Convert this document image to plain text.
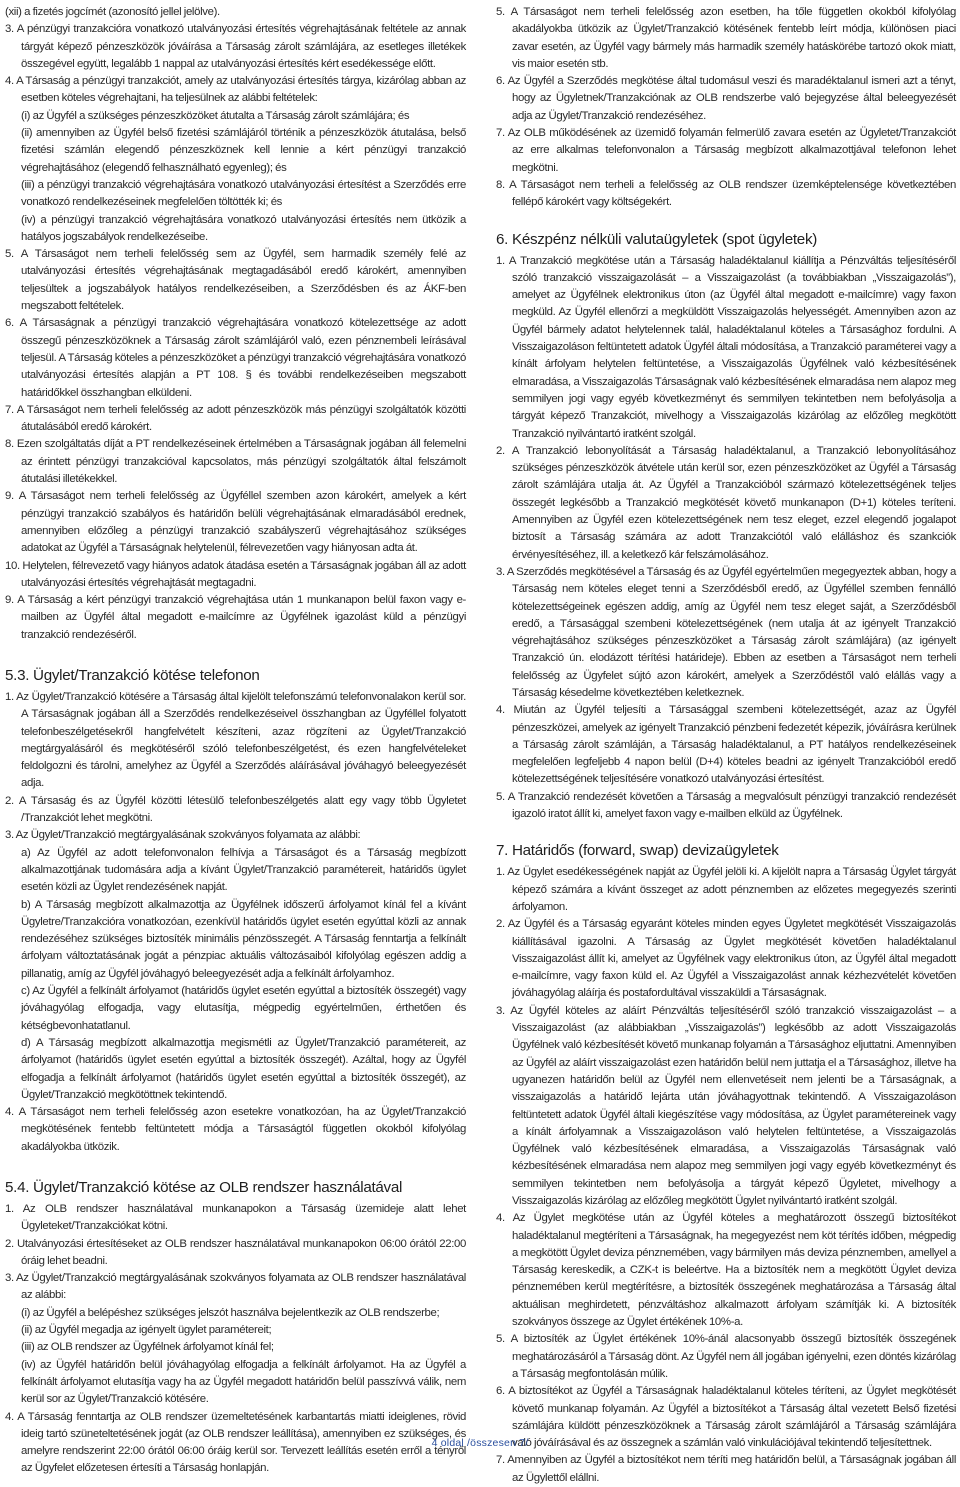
(xii) a fizetés jogcímét (azonosító jellel jelölve).

3. A pénzügyi tranzakcióra vonatkozó utalványozási értesítés végrehajtásának feltétele az annak tárgyát képező pénzeszközök jóváírása a Társaság zárolt számlájára, az esetleges illetékek összegével együtt, legalább 1 nappal az utalványozási értesítés kért esedékessége előtt.

4. A Társaság a pénzügyi tranzakciót, amely az utalványozási értesítés tárgya, kizárólag abban az esetben köteles végrehajtani, ha teljesülnek az alábbi feltételek:

(i) az Ügyfél a szükséges pénzeszközöket átutalta a Társaság zárolt számlájára; és

(ii) amennyiben az Ügyfél belső fizetési számlájáról történik a pénzeszközök átutalása, belső fizetési számlán elegendő pénzeszköznek kell lennie a kért pénzügyi tranzakció végrehajtásához (elegendő felhasználható egyenleg); és

(iii) a pénzügyi tranzakció végrehajtására vonatkozó utalványozási értesítést a Szerződés erre vonatkozó rendelkezéseinek megfelelően töltötték ki; és

(iv) a pénzügyi tranzakció végrehajtására vonatkozó utalványozási értesítés nem ütközik a hatályos jogszabályok rendelkezéseibe.

5. A Társaságot nem terheli felelősség sem az Ügyfél, sem harmadik személy felé az utalványozási értesítés végrehajtásának megtagadásából eredő károkért, amennyiben teljesültek a jogszabályok hatályos rendelkezéseiben, a Szerződésben és az ÁKF-ben megszabott feltételek.

6. A Társaságnak a pénzügyi tranzakció végrehajtására vonatkozó kötelezettsége az adott összegű pénzeszközöknek a Társaság zárolt számlájáról való, ezen pénznembeli leírásával teljesül. A Társaság köteles a pénzeszközöket a pénzügyi tranzakció végrehajtására vonatkozó utalványozási értesítés alapján a PT 108. § és további rendelkezéseiben megszabott határidőkkel összhangban elküldeni.

7. A Társaságot nem terheli felelősség az adott pénzeszközök más pénzügyi szolgáltatók közötti átutalásából eredő károkért.

8. Ezen szolgáltatás díját a PT rendelkezéseinek értelmében a Társaságnak jogában áll felemelni az érintett pénzügyi tranzakcióval kapcsolatos, más pénzügyi szolgáltatók által felszámolt átutalási illetékekkel.

9. A Társaságot nem terheli felelősség az Ügyféllel szemben azon károkért, amelyek a kért pénzügyi tranzakció szabályos és határidőn belüli végrehajtásának elmaradásából erednek, amennyiben előzőleg a pénzügyi tranzakció szabályszerű végrehajtásához szükséges adatokat az Ügyfél a Társaságnak helytelenül, félrevezetően vagy hiányosan adta át.

10. Helytelen, félrevezető vagy hiányos adatok átadása esetén a Társaságnak jogában áll az adott utalványozási értesítés végrehajtását megtagadni.

9. A Társaság a kért pénzügyi tranzakció végrehajtása után 1 munkanapon belül faxon vagy e-mailben az Ügyfél által megadott e-mailcímre az Ügyfélnek igazolást küld a pénzügyi tranzakció rendezéséről.

5.3. Ügylet/Tranzakció kötése telefonon

1. Az Ügylet/Tranzakció kötésére a Társaság által kijelölt telefonszámú telefonvonalakon kerül sor. A Társaságnak jogában áll a Szerződés rendelkezéseivel összhangban az Ügyféllel folyatott telefonbeszélgetésekről hangfelvételt készíteni, azaz rögzíteni az Ügylet/Tranzakció megtárgyalásáról és megkötéséről szóló telefonbeszélgetést, és ezen hangfelvételeket feldolgozni és tárolni, amelyhez az Ügyfél a Szerződés aláírásával jóváhagyó beleegyezését adja.

2. A Társaság és az Ügyfél közötti létesülő telefonbeszélgetés alatt egy vagy több Ügyletet /Tranzakciót lehet megkötni.

3. Az Ügylet/Tranzakció megtárgyalásának szokványos folyamata az alábbi:

a) Az Ügyfél az adott telefonvonalon felhívja a Társaságot és a Társaság megbízott alkalmazottjának tudomására adja a kívánt Ügylet/Tranzakció paramétereit, határidős ügylet esetén közli az Ügylet rendezésének napját.

b) A Társaság megbízott alkalmazottja az Ügyfélnek időszerű árfolyamot kínál fel a kívánt Ügyletre/Tranzakcióra vonatkozóan, ezenkívül határidős ügylet esetén egyúttal közli az annak rendezéséhez szükséges biztosíték minimális pénzösszegét. A Társaság fenntartja a felkínált árfolyam változtatásának jogát a pénzpiac aktuális változásaiból kifolyólag egészen addig a pillanatig, amíg az Ügyfél jóváhagyó beleegyezését adja a felkínált árfolyamhoz.

c) Az Ügyfél a felkínált árfolyamot (határidős ügylet esetén egyúttal a biztosíték összegét) vagy jóváhagyólag elfogadja, vagy elutasítja, mégpedig egyértelműen, érthetően és kétségbevonhatatlanul.

d) A Társaság megbízott alkalmazottja megismétli az Ügylet/Tranzakció paramétereit, az árfolyamot (határidős ügylet esetén egyúttal a biztosíték összegét). Azáltal, hogy az Ügyfél elfogadja a felkínált árfolyamot (határidős ügylet esetén egyúttal a biztosíték összegét), az Ügylet/Tranzakció megkötöttnek tekintendő.

4. A Társaságot nem terheli felelősség azon esetekre vonatkozóan, ha az Ügylet/Tranzakció megkötésének fentebb feltüntetett módja a Társaságtól független okokból kifolyólag akadályokba ütközik.

5.4. Ügylet/Tranzakció kötése az OLB rendszer használatával

1. Az OLB rendszer használatával munkanapokon a Társaság üzemideje alatt lehet Ügyleteket/Tranzakciókat kötni.

2. Utalványozási értesítéseket az OLB rendszer használatával munkanapokon 06:00 órától 22:00 óráig lehet beadni.

3. Az Ügylet/Tranzakció megtárgyalásának szokványos folyamata az OLB rendszer használatával az alábbi:

(i) az Ügyfél a belépéshez szükséges jelszót használva bejelentkezik az OLB rendszerbe;

(ii) az Ügyfél megadja az igényelt ügylet paramétereit;

(iii) az OLB rendszer az Ügyfélnek árfolyamot kínál fel;

(iv) az Ügyfél határidőn belül jóváhagyólag elfogadja a felkínált árfolyamot. Ha az Ügyfél a felkínált árfolyamot elutasítja vagy ha az Ügyfél megadott határidőn belül passzívvá válik, nem kerül sor az Ügylet/Tranzakció kötésére.

4. A Társaság fenntartja az OLB rendszer üzemeltetésének karbantartás miatti ideiglenes, rövid ideig tartó szüneteltetésének jogát (az OLB rendszer leállítása), amennyiben ez szükséges, és amelyre rendszerint 22:00 órától 06:00 óráig kerül sor. Tervezett leállítás esetén erről a tényről az Ügyfelet előzetesen értesíti a Társaság honlapján.

5. A Társaságot nem terheli felelősség azon esetben, ha tőle független okokból kifolyólag akadályokba ütközik az Ügylet/Tranzakció kötésének fentebb leírt módja, különösen piaci zavar esetén, az Ügyfél vagy bármely más harmadik személy hatáskörébe tartozó okok miatt, vis maior esetén stb.

6. Az Ügyfél a Szerződés megkötése által tudomásul veszi és maradéktalanul ismeri azt a tényt, hogy az Ügyletnek/Tranzakciónak az OLB rendszerbe való bejegyzése által beleegyezését adja az Ügylet/Tranzakció rendezéséhez.

7. Az OLB működésének az üzemidő folyamán felmerülő zavara esetén az Ügyletet/Tranzakciót az erre alkalmas telefonvonalon a Társaság megbízott alkalmazottjával telefonon lehet megkötni.

8. A Társaságot nem terheli a felelősség az OLB rendszer üzemképtelensége következtében fellépő károkért vagy költségekért.

6. Készpénz nélküli valutaügyletek (spot ügyletek)

1. A Tranzakció megkötése után a Társaság haladéktalanul kiállítja a Pénzváltás teljesítéséről szóló tranzakció visszaigazolását – a Visszaigazolást (a továbbiakban „Visszaigazolás”), amelyet az Ügyfélnek elektronikus úton (az Ügyfél által megadott e-mailcímre) vagy faxon megküld. Az Ügyfél ellenőrzi a megküldött Visszaigazolás helyességét. Amennyiben azon az Ügyfél bármely adatot helytelennek talál, haladéktalanul köteles a Társasághoz fordulni. A Visszaigazoláson feltüntetett adatok Ügyfél általi módosítása, a Tranzakció paraméterei vagy a kínált árfolyam helytelen feltüntetése, a Visszaigazolás Ügyfélnek való kézbesítésének elmaradása, a Visszaigazolás Társaságnak való kézbesítésének elmaradása nem alapoz meg semmilyen jogi vagy egyéb következményt és semmilyen tekintetben nem befolyásolja a tárgyát képező Tranzakciót, mivelhogy a Visszaigazolás kizárólag az előzőleg megkötött Tranzakció nyilvántartó iratként szolgál.

2. A Tranzakció lebonyolítását a Társaság haladéktalanul, a Tranzakció lebonyolításához szükséges pénzeszközök átvétele után kerül sor, ezen pénzeszközöket az Ügyfél a Társaság zárolt számlájára utalja át. Az Ügyfél a Tranzakcióból származó kötelezettségének teljes összegét legkésőbb a Tranzakció megkötését követő munkanapon (D+1) köteles teríteni. Amennyiben az Ügyfél ezen kötelezettségének nem tesz eleget, ezzel elegendő jogalapot biztosít a Társaság számára az adott Tranzakciótól való elálláshoz és szankciók érvényesítéséhez, ill. a keletkező kár felszámolásához.

3. A Szerződés megkötésével a Társaság és az Ügyfél egyértelműen megegyeztek abban, hogy a Társaság nem köteles eleget tenni a Szerződésből eredő, az Ügyféllel szemben fennálló kötelezettségeinek egészen addig, amíg az Ügyfél nem tesz eleget saját, a Szerződésből eredő, a Társasággal szembeni kötelezettségének (nem utalja át az igényelt Tranzakció végrehajtásához szükséges pénzeszközöket a Társaság zárolt számlájára) (az igényelt Tranzakció ún. elodázott térítési határideje). Ebben az esetben a Társaságot nem terheli felelősség az Ügyfelet sújtó azon károkért, amelyek a Szerződéstől való elállás vagy a Társaság késedelme következtében keletkeznek.

4. Miután az Ügyfél teljesíti a Társasággal szembeni kötelezettségét, azaz az Ügyfél pénzeszközei, amelyek az igényelt Tranzakció pénzbeni fedezetét képezik, jóváírásra kerülnek a Társaság zárolt számláján, a Társaság haladéktalanul, a PT hatályos rendelkezéseinek megfelelően legfeljebb 4 napon belül (D+4) köteles beadni az igényelt Tranzakcióból eredő kötelezettségének teljesítésére vonatkozó utalványozási értesítést.

5. A Tranzakció rendezését követően a Társaság a megvalósult pénzügyi tranzakció rendezését igazoló iratot állít ki, amelyet faxon vagy e-mailben elküld az Ügyfélnek.

7. Határidős (forward, swap) devizaügyletek

1. Az Ügylet esedékességének napját az Ügyfél jelöli ki. A kijelölt napra a Társaság Ügylet tárgyát képező számára a kívánt összeget az adott pénznemben az előzetes megegyezés szerinti árfolyamon.

2. Az Ügyfél és a Társaság egyaránt köteles minden egyes Ügyletet megkötését Visszaigazolás kiállításával igazolni. A Társaság az Ügylet megkötését követően haladéktalanul Visszaigazolást állít ki, amelyet az Ügyfélnek vagy elektronikus úton, az Ügyfél által megadott e-mailcímre, vagy faxon küld el. Az Ügyfél a Visszaigazolást annak kézhezvételét követően jóváhagyólag aláírja és postafordultával visszaküldi a Társaságnak.

3. Az Ügyfél köteles az aláírt Pénzváltás teljesítéséről szóló tranzakció visszaigazolást – a Visszaigazolást (az alábbiakban „Visszaigazolás”) legkésőbb az adott Visszaigazolás Ügyfélnek való kézbesítését követő munkanap folyamán a Társasághoz eljuttatni. Amennyiben az Ügyfél az aláírt visszaigazolást ezen határidőn belül nem juttatja el a Társasághoz, illetve ha ugyanezen határidőn belül az Ügyfél nem ellenvetéseit nem jelenti be a Társaságnak, a visszaigazolás a határidő lejárta után jóváhagyottnak tekintendő. A Visszaigazoláson feltüntetett adatok Ügyfél általi kiegészítése vagy módosítása, az Ügylet paramétereinek vagy a kínált árfolyamnak a Visszaigazoláson való helytelen feltüntetése, a Visszaigazolás Ügyfélnek való kézbesítésének elmaradása, a Visszaigazolás Társaságnak való kézbesítésének elmaradása nem alapoz meg semmilyen jogi vagy egyéb következményt és semmilyen tekintetben nem befolyásolja a tárgyát képező Ügyletet, mivelhogy a Visszaigazolás kizárólag az előzőleg megkötött Ügylet nyilvántartó iratként szolgál.

4. Az Ügylet megkötése után az Ügyfél köteles a meghatározott összegű biztosítékot haladéktalanul megtéríteni a Társaságnak, ha megegyezést nem köt térítés időben, mégpedig a megkötött Ügylet deviza pénznemében, vagy bármilyen más deviza pénznemben, amellyel a Társaság kereskedik, a CZK-t is beleértve. Ha a biztosíték nem a megkötött Ügylet deviza pénznemében kerül megtérítésre, a biztosíték összegének meghatározása a Társaság által aktuálisan meghirdetett, pénzváltáshoz alkalmazott árfolyam számítják ki. A biztosíték szokványos összege az Ügylet értékének 10%-a.

5. A biztosíték az Ügylet értékének 10%-ánál alacsonyabb összegű biztosíték összegének meghatározásáról a Társaság dönt. Az Ügyfél nem áll jogában igényelni, ezen döntés kizárólag a Társaság megfontolásán múlik.

6. A biztosítékot az Ügyfél a Társaságnak haladéktalanul köteles téríteni, az Ügylet megkötését követő munkanap folyamán. Az Ügyfél a biztosítékot a Társaság által vezetett Belső fizetési számlájára küldött pénzeszközöknek a Társaság zárolt számlájáról a Társaság számlájára való jóváírásával és az összegnek a számlán való vinkulációjával tekintendő teljesítettnek.

7. Amennyiben az Ügyfél a biztosítékot nem téríti meg határidőn belül, a Társaságnak jogában áll az Ügylettől elállni.

4 oldal /összesen 7/
